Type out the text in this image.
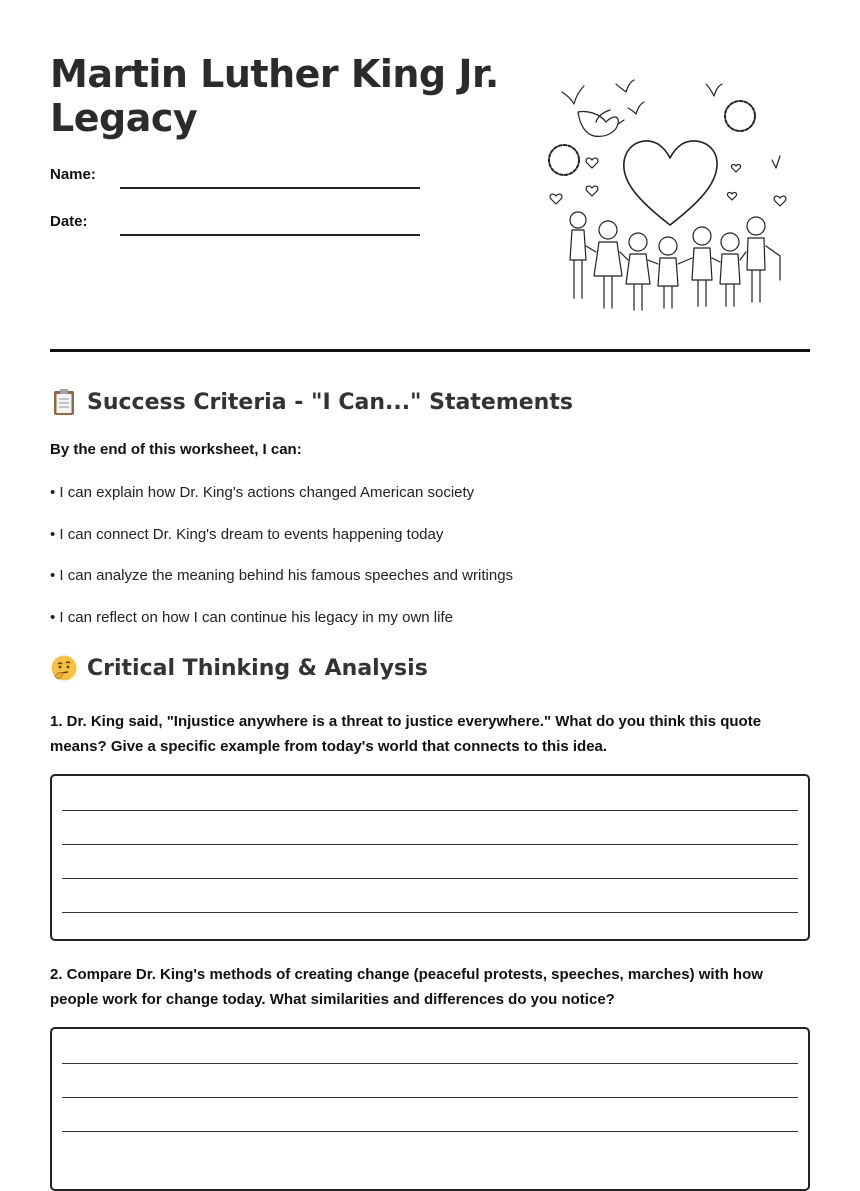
Martin Luther King Jr. Legacy
Name:
Date:
Success Criteria - "I Can..." Statements
By the end of this worksheet, I can:
• I can explain how Dr. King's actions changed American society
• I can connect Dr. King's dream to events happening today
• I can analyze the meaning behind his famous speeches and writings
• I can reflect on how I can continue his legacy in my own life
Critical Thinking & Analysis
1. Dr. King said, "Injustice anywhere is a threat to justice everywhere." What do you think this quote means? Give a specific example from today's world that connects to this idea.
2. Compare Dr. King's methods of creating change (peaceful protests, speeches, marches) with how people work for change today. What similarities and differences do you notice?
